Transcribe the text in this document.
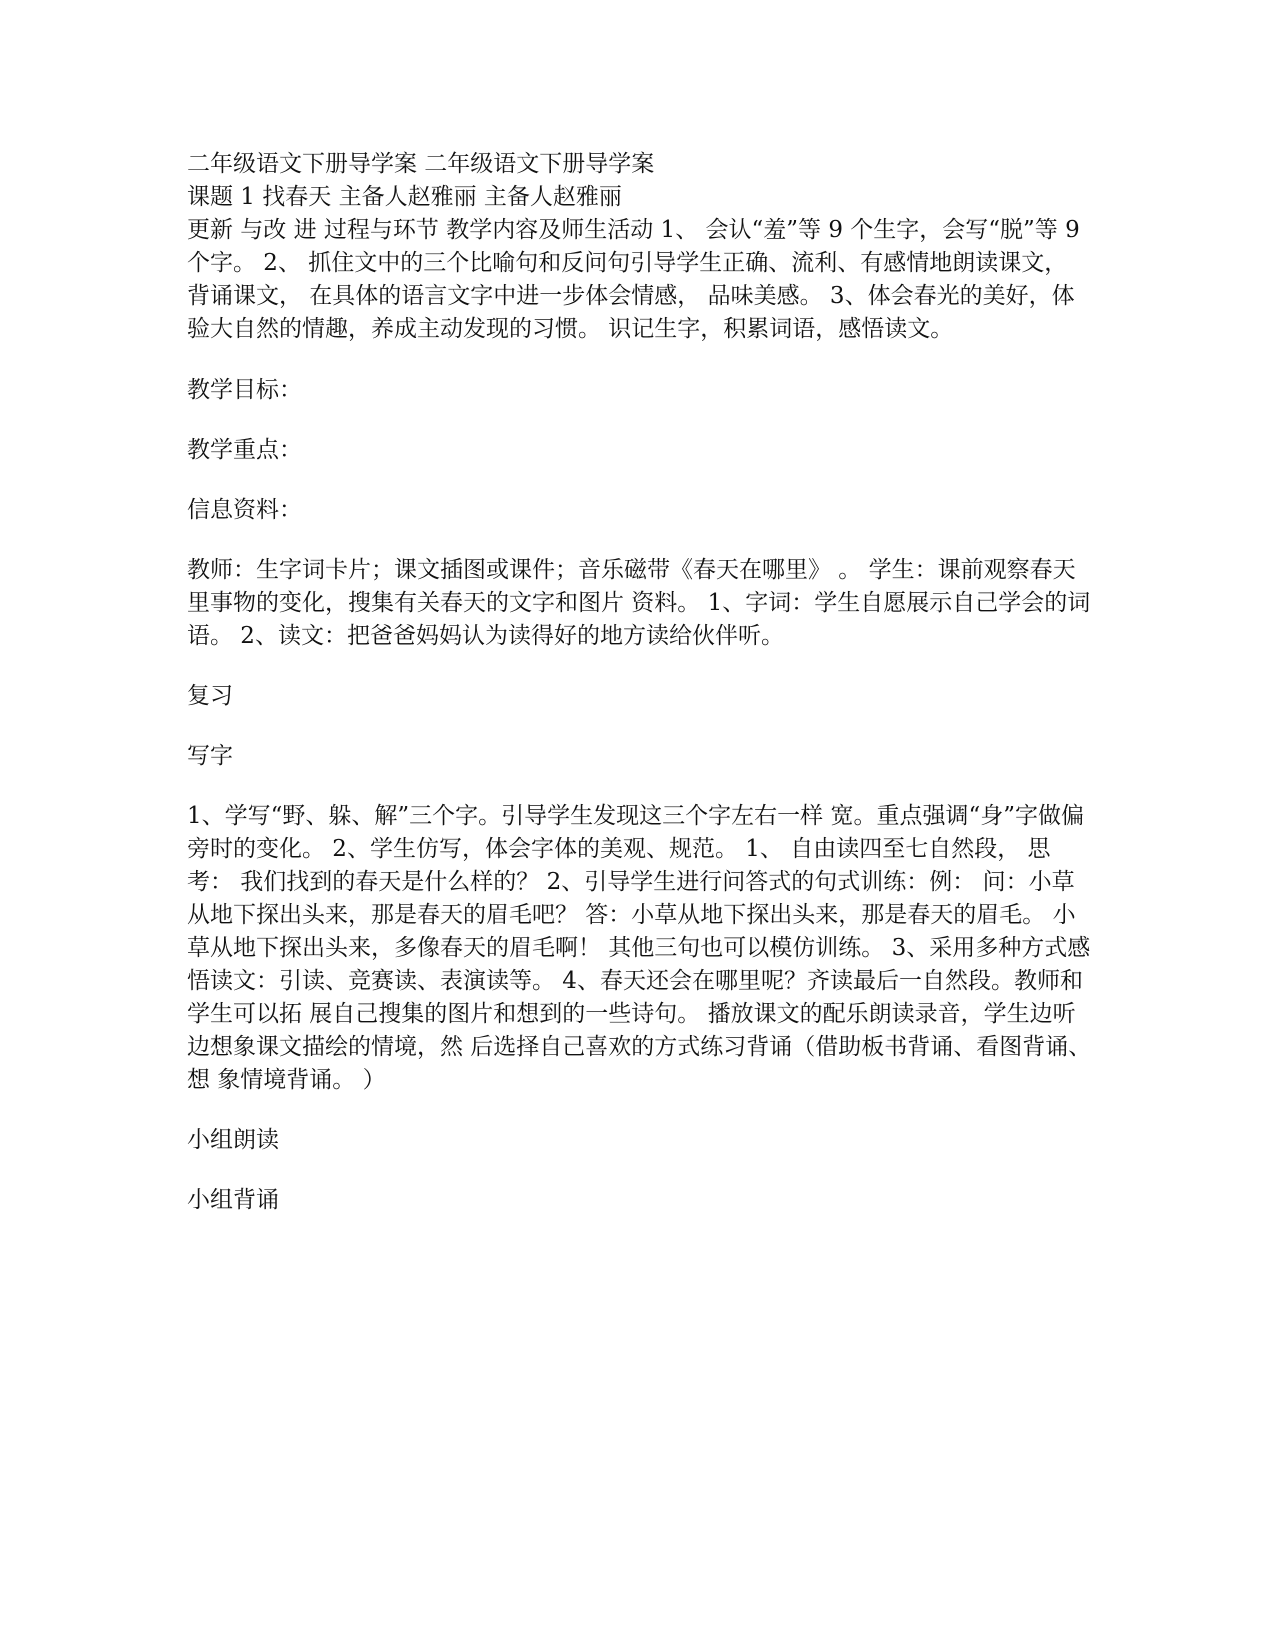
二年级语文下册导学案 二年级语文下册导学案

课题 1 找春天 主备人赵雅丽 主备人赵雅丽

更新 与改 进 过程与环节 教学内容及师生活动 1、 会认“羞”等 9 个生字，会写“脱”等 9 个字。 2、 抓住文中的三个比喻句和反问句引导学生正确、流利、有感情地朗读课文， 背诵课文， 在具体的语言文字中进一步体会情感， 品味美感。 3、体会春光的美好，体验大自然的情趣，养成主动发现的习惯。 识记生字，积累词语，感悟读文。

教学目标：

教学重点：

信息资料：

教师：生字词卡片；课文插图或课件；音乐磁带《春天在哪里》 。 学生：课前观察春天里事物的变化，搜集有关春天的文字和图片 资料。 1、字词：学生自愿展示自己学会的词语。 2、读文：把爸爸妈妈认为读得好的地方读给伙伴听。

复习

写字

1、学写“野、躲、解”三个字。引导学生发现这三个字左右一样 宽。重点强调“身”字做偏旁时的变化。 2、学生仿写，体会字体的美观、规范。 1、 自由读四至七自然段， 思考： 我们找到的春天是什么样的？ 2、引导学生进行问答式的句式训练：例： 问：小草从地下探出头来，那是春天的眉毛吧？ 答：小草从地下探出头来，那是春天的眉毛。 小草从地下探出头来，多像春天的眉毛啊！ 其他三句也可以模仿训练。 3、采用多种方式感悟读文：引读、竞赛读、表演读等。 4、春天还会在哪里呢？齐读最后一自然段。教师和学生可以拓 展自己搜集的图片和想到的一些诗句。 播放课文的配乐朗读录音，学生边听边想象课文描绘的情境，然 后选择自己喜欢的方式练习背诵（借助板书背诵、看图背诵、想 象情境背诵。 ）

小组朗读

小组背诵
